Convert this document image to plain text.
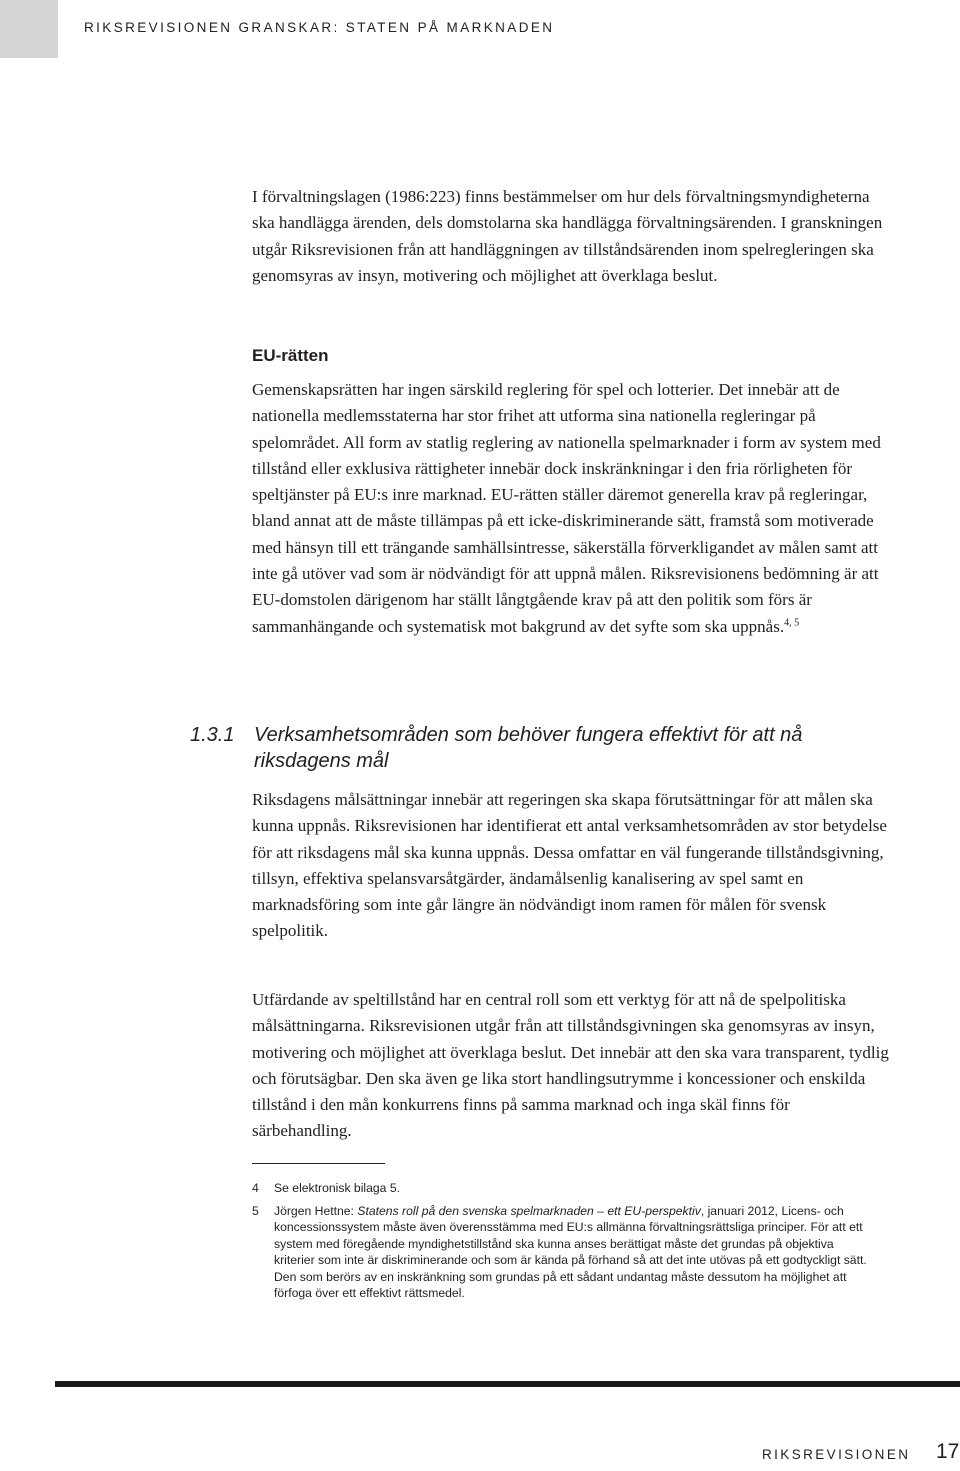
RIKSREVISIONEN GRANSKAR: STATEN PÅ MARKNADEN

I förvaltningslagen (1986:223) finns bestämmelser om hur dels förvaltningsmyndigheterna ska handlägga ärenden, dels domstolarna ska handlägga förvaltningsärenden. I granskningen utgår Riksrevisionen från att handläggningen av tillståndsärenden inom spelregleringen ska genomsyras av insyn, motivering och möjlighet att överklaga beslut.

EU-rätten

Gemenskapsrätten har ingen särskild reglering för spel och lotterier. Det innebär att de nationella medlemsstaterna har stor frihet att utforma sina nationella regleringar på spelområdet. All form av statlig reglering av nationella spelmarknader i form av system med tillstånd eller exklusiva rättigheter innebär dock inskränkningar i den fria rörligheten för speltjänster på EU:s inre marknad. EU-rätten ställer däremot generella krav på regleringar, bland annat att de måste tillämpas på ett icke-diskriminerande sätt, framstå som motiverade med hänsyn till ett trängande samhällsintresse, säkerställa förverkligandet av målen samt att inte gå utöver vad som är nödvändigt för att uppnå målen. Riksrevisionens bedömning är att EU-domstolen därigenom har ställt långtgående krav på att den politik som förs är sammanhängande och systematisk mot bakgrund av det syfte som ska uppnås.$^{4, 5}$

1.3.1 Verksamhetsområden som behöver fungera effektivt för att nå riksdagens mål

Riksdagens målsättningar innebär att regeringen ska skapa förutsättningar för att målen ska kunna uppnås. Riksrevisionen har identifierat ett antal verksamhetsområden av stor betydelse för att riksdagens mål ska kunna uppnås. Dessa omfattar en väl fungerande tillståndsgivning, tillsyn, effektiva spelansvarsåtgärder, ändamålsenlig kanalisering av spel samt en marknadsföring som inte går längre än nödvändigt inom ramen för målen för svensk spelpolitik.

Utfärdande av speltillstånd har en central roll som ett verktyg för att nå de spelpolitiska målsättningarna. Riksrevisionen utgår från att tillståndsgivningen ska genomsyras av insyn, motivering och möjlighet att överklaga beslut. Det innebär att den ska vara transparent, tydlig och förutsägbar. Den ska även ge lika stort handlingsutrymme i koncessioner och enskilda tillstånd i den mån konkurrens finns på samma marknad och inga skäl finns för särbehandling.

4 Se elektronisk bilaga 5.
5 Jörgen Hettne: Statens roll på den svenska spelmarknaden – ett EU-perspektiv, januari 2012, Licens- och koncessionssystem måste även överensstämma med EU:s allmänna förvaltningsrättsliga principer. För att ett system med föregående myndighetstillstånd ska kunna anses berättigat måste det grundas på objektiva kriterier som inte är diskriminerande och som är kända på förhand så att det inte utövas på ett godtyckligt sätt. Den som berörs av en inskränkning som grundas på ett sådant undantag måste dessutom ha möjlighet att förfoga över ett effektivt rättsmedel.
RIKSREVISIONEN 17
